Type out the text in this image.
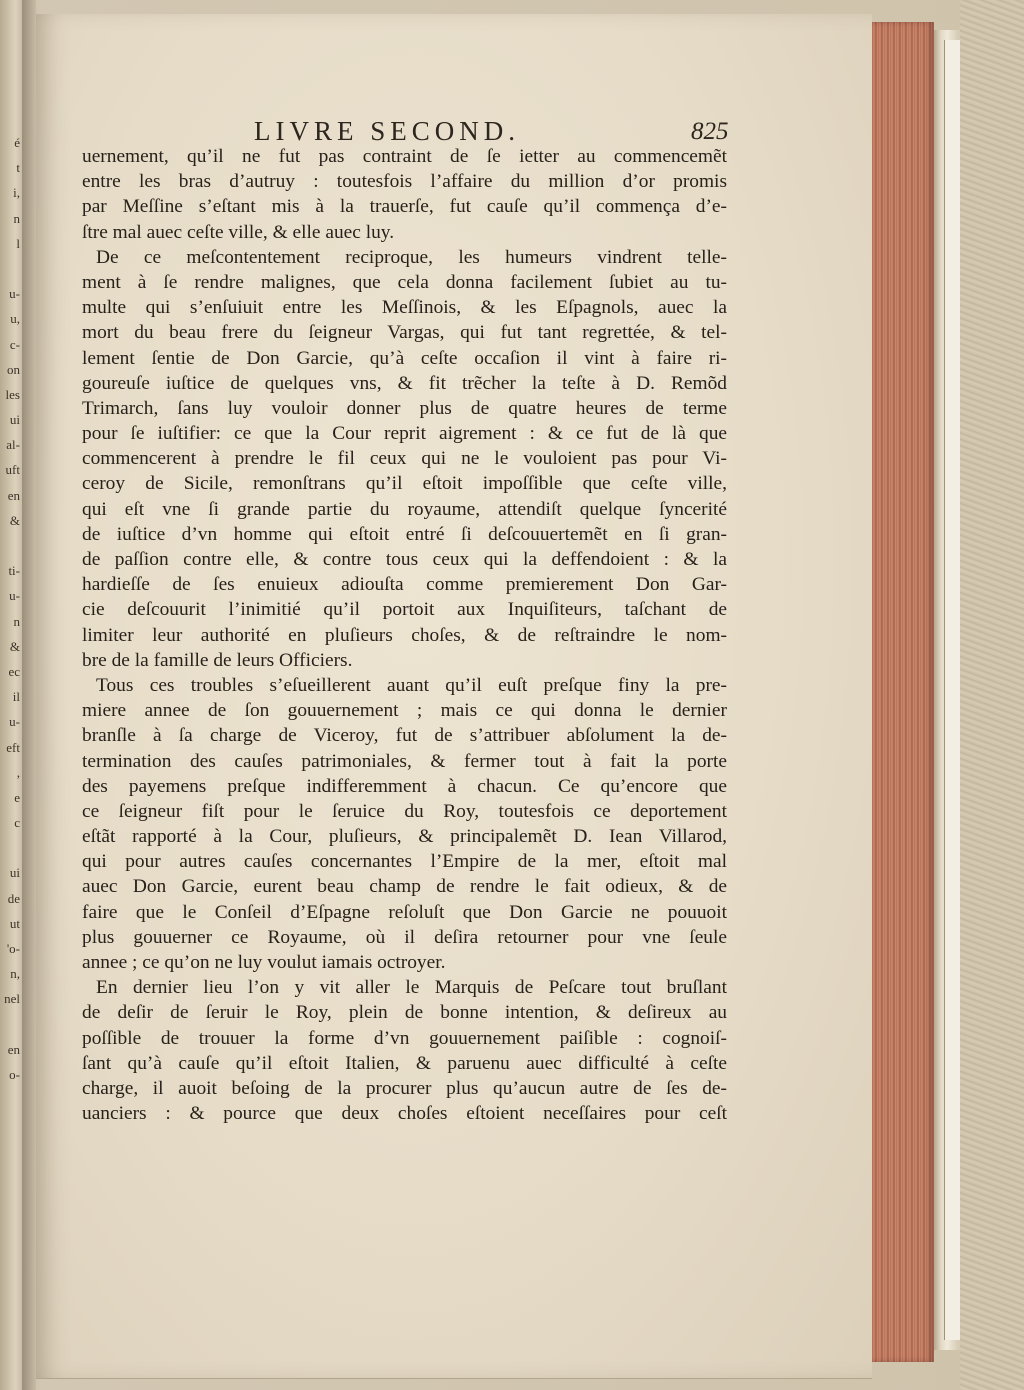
é
t
i,
n
l
u-
u,
c-
on
les
ui
al-
uft
en
&
ti-
u-
n
&
ec
il
u-
eft
,
e
c
ui
de
ut
'o-
n,
nel
en
o-
LIVRE SECOND.	825
uernement, qu’il ne fut pas contraint de ſe ietter au commencemẽt
entre les bras d’autruy : toutesfois l’affaire du million d’or promis
par Meſſine s’eſtant mis à la trauerſe, fut cauſe qu’il commença d’e-
ſtre mal auec ceſte ville, & elle auec luy.
De ce meſcontentement reciproque, les humeurs vindrent telle-
ment à ſe rendre malignes, que cela donna facilement ſubiet au tu-
multe qui s’enſuiuit entre les Meſſinois, & les Eſpagnols, auec la
mort du beau frere du ſeigneur Vargas, qui fut tant regrettée, & tel-
lement ſentie de Don Garcie, qu’à ceſte occaſion il vint à faire ri-
goureuſe iuſtice de quelques vns, & fit trẽcher la teſte à D. Remõd
Trimarch, ſans luy vouloir donner plus de quatre heures de terme
pour ſe iuſtifier: ce que la Cour reprit aigrement : & ce fut de là que
commencerent à prendre le fil ceux qui ne le vouloient pas pour Vi-
ceroy de Sicile, remonſtrans qu’il eſtoit impoſſible que ceſte ville,
qui eſt vne ſi grande partie du royaume, attendiſt quelque ſyncerité
de iuſtice d’vn homme qui eſtoit entré ſi deſcouuertemẽt en ſi gran-
de paſſion contre elle, & contre tous ceux qui la deffendoient : & la
hardieſſe de ſes enuieux adiouſta comme premierement Don Gar-
cie deſcouurit l’inimitié qu’il portoit aux Inquiſiteurs, taſchant de
limiter leur authorité en pluſieurs choſes, & de reſtraindre le nom-
bre de la famille de leurs Officiers.
Tous ces troubles s’eſueillerent auant qu’il euſt preſque finy la pre-
miere annee de ſon gouuernement ; mais ce qui donna le dernier
branſle à ſa charge de Viceroy, fut de s’attribuer abſolument la de-
termination des cauſes patrimoniales, & fermer tout à fait la porte
des payemens preſque indifferemment à chacun. Ce qu’encore que
ce ſeigneur fiſt pour le ſeruice du Roy, toutesfois ce deportement
eſtãt rapporté à la Cour, pluſieurs, & principalemẽt D. Iean Villarod,
qui pour autres cauſes concernantes l’Empire de la mer, eſtoit mal
auec Don Garcie, eurent beau champ de rendre le fait odieux, & de
faire que le Conſeil d’Eſpagne reſoluſt que Don Garcie ne pouuoit
plus gouuerner ce Royaume, où il deſira retourner pour vne ſeule
annee ; ce qu’on ne luy voulut iamais octroyer.
En dernier lieu l’on y vit aller le Marquis de Peſcare tout bruſlant
de deſir de ſeruir le Roy, plein de bonne intention, & deſireux au
poſſible de trouuer la forme d’vn gouuernement paiſible : cognoiſ-
ſant qu’à cauſe qu’il eſtoit Italien, & paruenu auec difficulté à ceſte
charge, il auoit beſoing de la procurer plus qu’aucun autre de ſes de-
uanciers : & pource que deux choſes eſtoient neceſſaires pour ceſt
